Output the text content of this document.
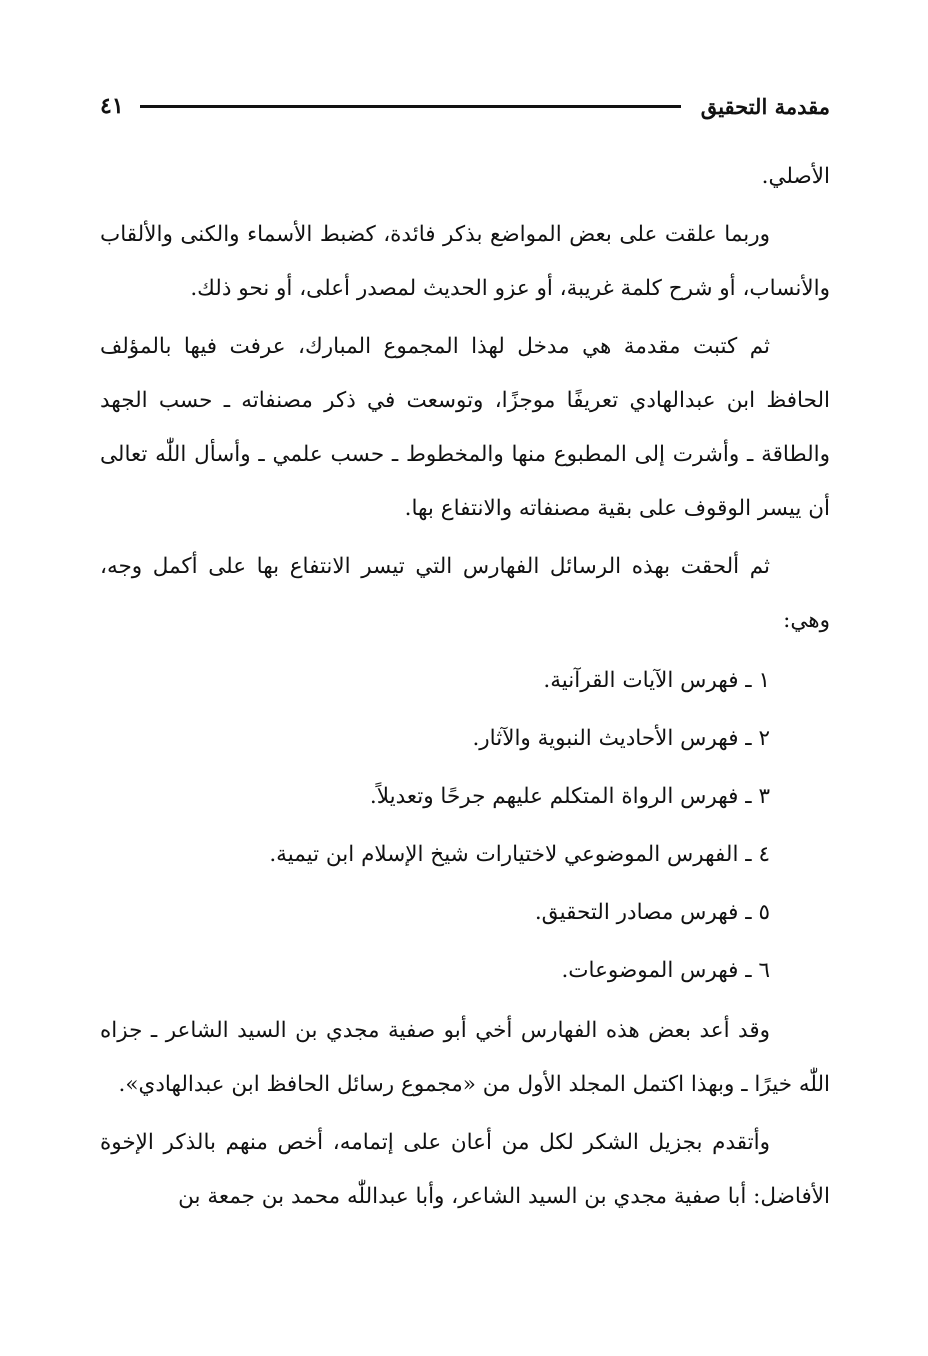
مقدمة التحقيق
٤١

الأصلي.

وربما علقت على بعض المواضع بذكر فائدة، كضبط الأسماء والكنى والألقاب والأنساب، أو شرح كلمة غريبة، أو عزو الحديث لمصدر أعلى، أو نحو ذلك.

ثم كتبت مقدمة هي مدخل لهذا المجموع المبارك، عرفت فيها بالمؤلف الحافظ ابن عبدالهادي تعريفًا موجزًا، وتوسعت في ذكر مصنفاته ـ حسب الجهد والطاقة ـ وأشرت إلى المطبوع منها والمخطوط ـ حسب علمي ـ وأسأل اللّٰه تعالى أن ييسر الوقوف على بقية مصنفاته والانتفاع بها.

ثم ألحقت بهذه الرسائل الفهارس التي تيسر الانتفاع بها على أكمل وجه، وهي:

١ ـ فهرس الآيات القرآنية.
٢ ـ فهرس الأحاديث النبوية والآثار.
٣ ـ فهرس الرواة المتكلم عليهم جرحًا وتعديلاً.
٤ ـ الفهرس الموضوعي لاختيارات شيخ الإسلام ابن تيمية.
٥ ـ فهرس مصادر التحقيق.
٦ ـ فهرس الموضوعات.

وقد أعد بعض هذه الفهارس أخي أبو صفية مجدي بن السيد الشاعر ـ جزاه اللّٰه خيرًا ـ وبهذا اكتمل المجلد الأول من «مجموع رسائل الحافظ ابن عبدالهادي».

وأتقدم بجزيل الشكر لكل من أعان على إتمامه، أخص منهم بالذكر الإخوة الأفاضل: أبا صفية مجدي بن السيد الشاعر، وأبا عبداللّٰه محمد بن جمعة بن
